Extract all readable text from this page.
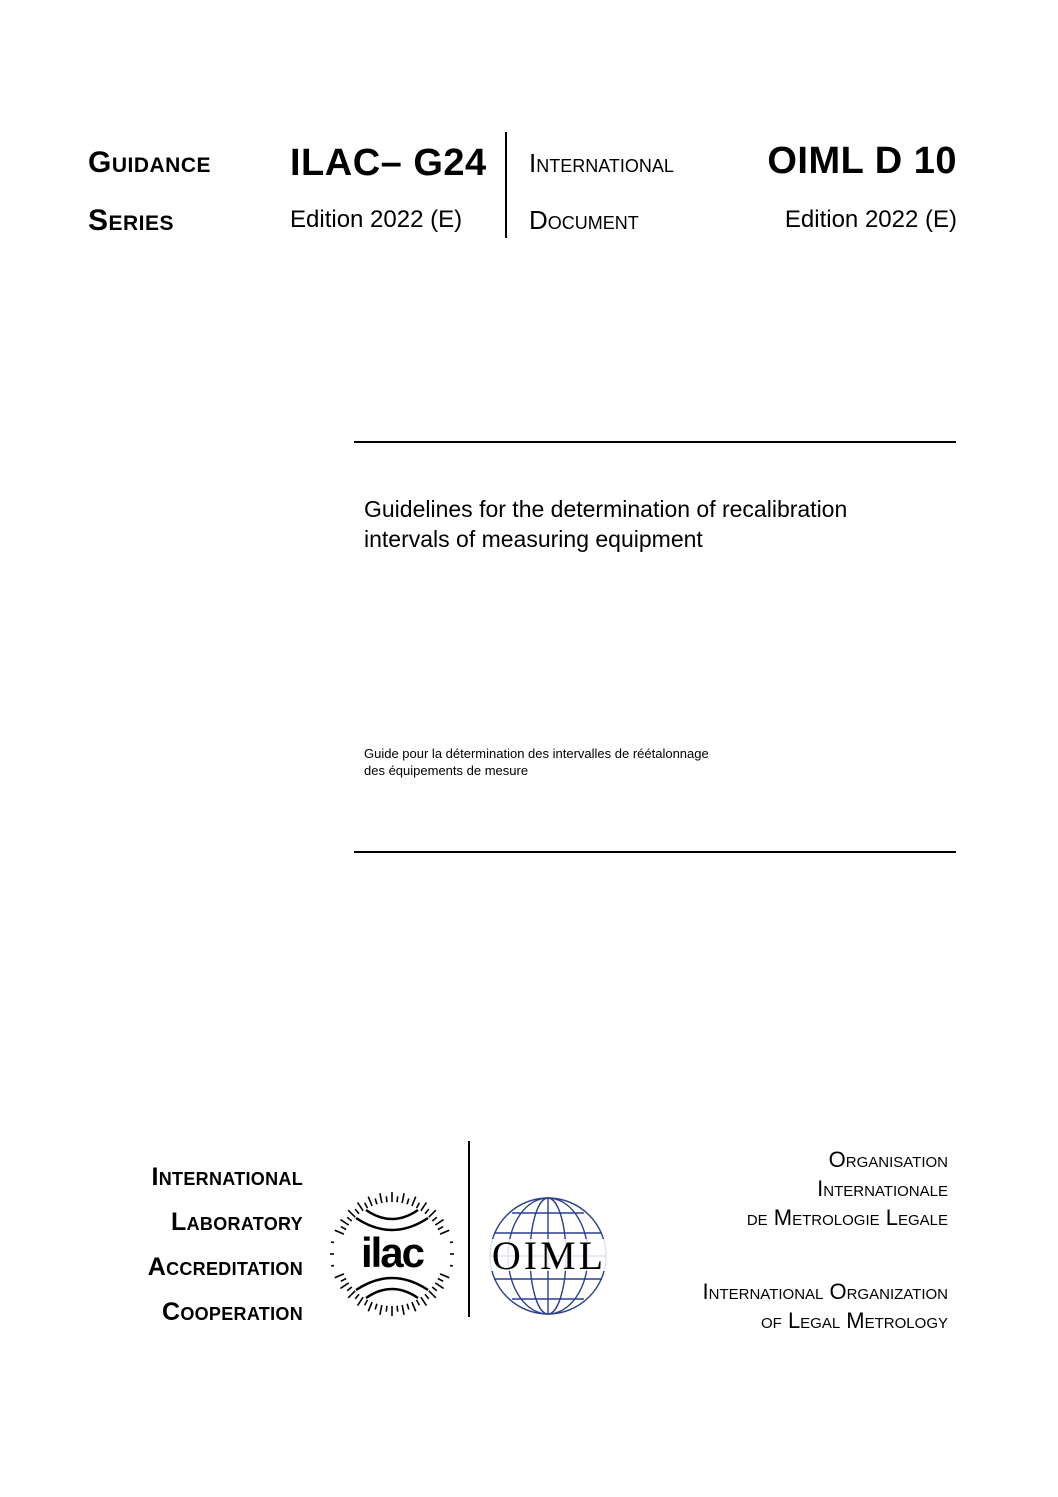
Guidance
Series
ILAC– G24
Edition 2022 (E)
International
Document
OIML D 10
Edition 2022 (E)
Guidelines for the determination of recalibration
intervals of measuring equipment
Guide pour la détermination des intervalles de réétalonnage
des équipements de mesure
International
Laboratory
Accreditation
Cooperation
ilac OIML
Organisation
Internationale
de Metrologie Legale
International Organization
of Legal Metrology
